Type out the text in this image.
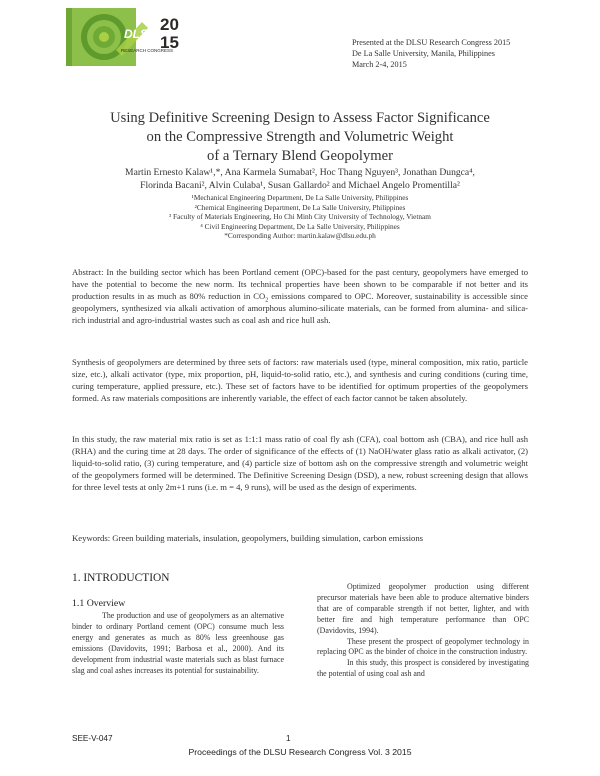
DLSU
RESEARCH CONGRESS
20
15	Presented at the DLSU Research Congress 2015
De La Salle University, Manila, Philippines
March 2-4, 2015
Using Definitive Screening Design to Assess Factor Significance
on the Compressive Strength and Volumetric Weight
of a Ternary Blend Geopolymer
Martin Ernesto Kalaw¹,*, Ana Karmela Sumabat², Hoc Thang Nguyen³, Jonathan Dungca⁴,
Florinda Bacani², Alvin Culaba¹, Susan Gallardo² and Michael Angelo Promentilla²
¹Mechanical Engineering Department, De La Salle University, Philippines
²Chemical Engineering Department, De La Salle University, Philippines
³ Faculty of Materials Engineering, Ho Chi Minh City University of Technology, Vietnam
⁴ Civil Engineering Department, De La Salle University, Philippines
*Corresponding Author: martin.kalaw@dlsu.edu.ph
Abstract: In the building sector which has been Portland cement (OPC)-based for the past century, geopolymers have emerged to have the potential to become the new norm. Its technical properties have been shown to be comparable if not better and its production results in as much as 80% reduction in $CO_2$ emissions compared to OPC. Moreover, sustainability is accessible since geopolymers, synthesized via alkali activation of amorphous alumino-silicate materials, can be formed from alumina- and silica- rich industrial and agro-industrial wastes such as coal ash and rice hull ash.
Synthesis of geopolymers are determined by three sets of factors: raw materials used (type, mineral composition, mix ratio, particle size, etc.), alkali activator (type, mix proportion, pH, liquid-to-solid ratio, etc.), and synthesis and curing conditions (curing time, curing temperature, applied pressure, etc.). These set of factors have to be identified for optimum properties of the geopolymers formed. As raw materials compositions are inherently variable, the effect of each factor cannot be taken absolutely.
In this study, the raw material mix ratio is set as 1:1:1 mass ratio of coal fly ash (CFA), coal bottom ash (CBA), and rice hull ash (RHA) and the curing time at 28 days. The order of significance of the effects of (1) NaOH/water glass ratio as alkali activator, (2) liquid-to-solid ratio, (3) curing temperature, and (4) particle size of bottom ash on the compressive strength and volumetric weight of the geopolymers formed will be determined. The Definitive Screening Design (DSD), a new, robust screening design that allows for three level tests at only 2m+1 runs (i.e. m = 4, 9 runs), will be used as the design of experiments.
Keywords: Green building materials, insulation, geopolymers, building simulation, carbon emissions
1. INTRODUCTION
1.1 Overview

The production and use of geopolymers as an alternative binder to ordinary Portland cement (OPC) consume much less energy and generates as much as 80% less greenhouse gas emissions (Davidovits, 1991; Barbosa et al., 2000). And its development from industrial waste materials such as blast furnace slag and coal ashes increases its potential for sustainability.

Optimized geopolymer production using different precursor materials have been able to produce alternative binders that are of comparable strength if not better, lighter, and with better fire and high temperature performance than OPC (Davidovits, 1994).

These present the prospect of geopolymer technology in replacing OPC as the binder of choice in the construction industry.

In this study, this prospect is considered by investigating the potential of using coal ash and

SEE-V-047	1
Proceedings of the DLSU Research Congress Vol. 3 2015
